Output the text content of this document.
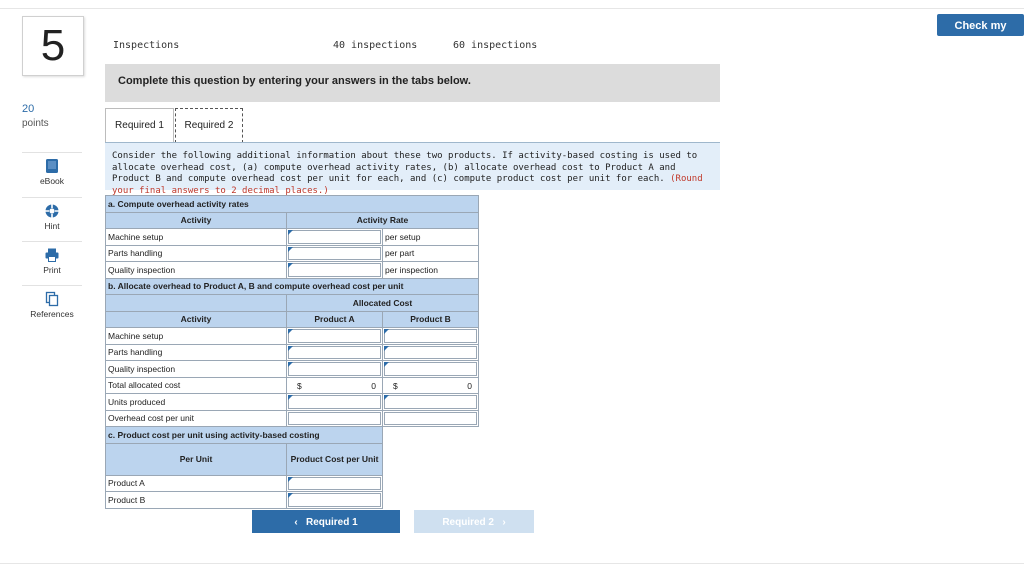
Check my work
5
20
points
eBook
Hint
Print
References
Inspections	40 inspections	60 inspections
Complete this question by entering your answers in the tabs below.
Required 1	Required 2

Consider the following additional information about these two products. If activity-based costing is used to allocate overhead cost, (a) compute overhead activity rates, (b) allocate overhead cost to Product A and Product B and compute overhead cost per unit for each, and (c) compute product cost per unit for each. (Round your final answers to 2 decimal places.)

a. Compute overhead activity rates		
Activity	Activity Rate	
Machine setup		per setup
Parts handling		per part
Quality inspection		per inspection
b. Allocate overhead to Product A, B and compute overhead cost per unit		
	Allocated Cost	
Activity	Product A	Product B
Machine setup	

Parts handling	

Quality inspection	

Total allocated cost	$ 0	$ 0

Units produced	

Overhead cost per unit	

c. Product cost per unit using activity-based costing		
Per Unit	Product Cost per Unit	
Product A	

Product B	

‹ Required 1	Required 2 ›
